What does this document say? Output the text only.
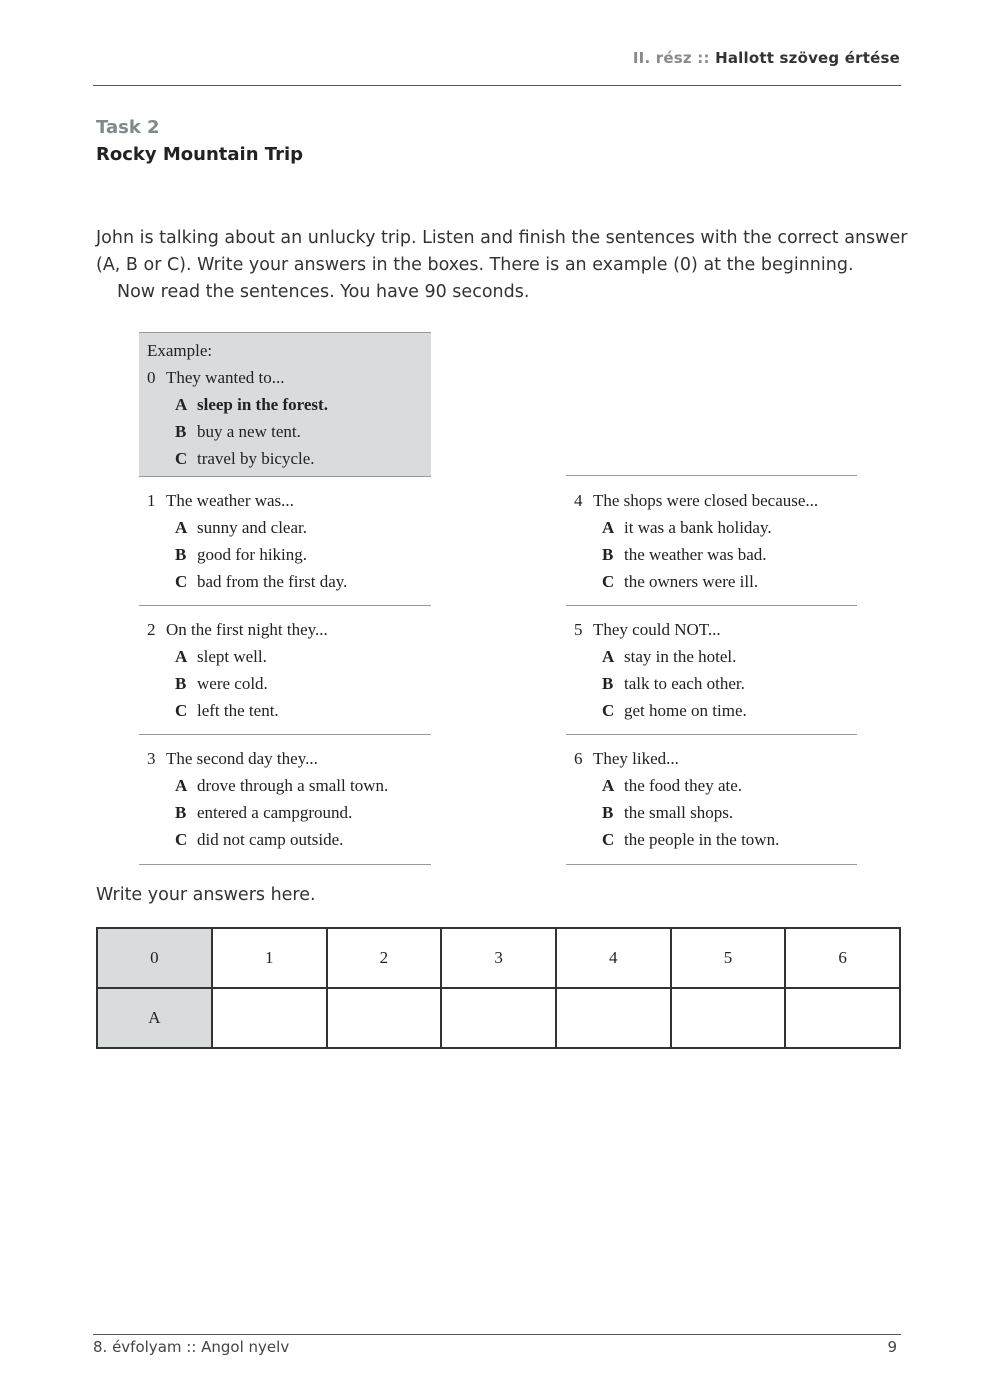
II. rész :: Hallott szöveg értése
Task 2
Rocky Mountain Trip

John is talking about an unlucky trip. Listen and finish the sentences with the correct answer

(A, B or C). Write your answers in the boxes. There is an example (0) at the beginning.

Now read the sentences. You have 90 seconds.

Example:
0 They wanted to...
A sleep in the forest.
B buy a new tent.
C travel by bicycle.
1 The weather was...
A sunny and clear.
B good for hiking.
C bad from the first day.
2 On the first night they...
A slept well.
B were cold.
C left the tent.
3 The second day they...
A drove through a small town.
B entered a campground.
C did not camp outside.
4 The shops were closed because...
A it was a bank holiday.
B the weather was bad.
C the owners were ill.
5 They could NOT...
A stay in the hotel.
B talk to each other.
C get home on time.
6 They liked...
A the food they ate.
B the small shops.
C the people in the town.
Write your answers here.
0	1	2	3	4	5	6
A						
8. évfolyam :: Angol nyelv	9
